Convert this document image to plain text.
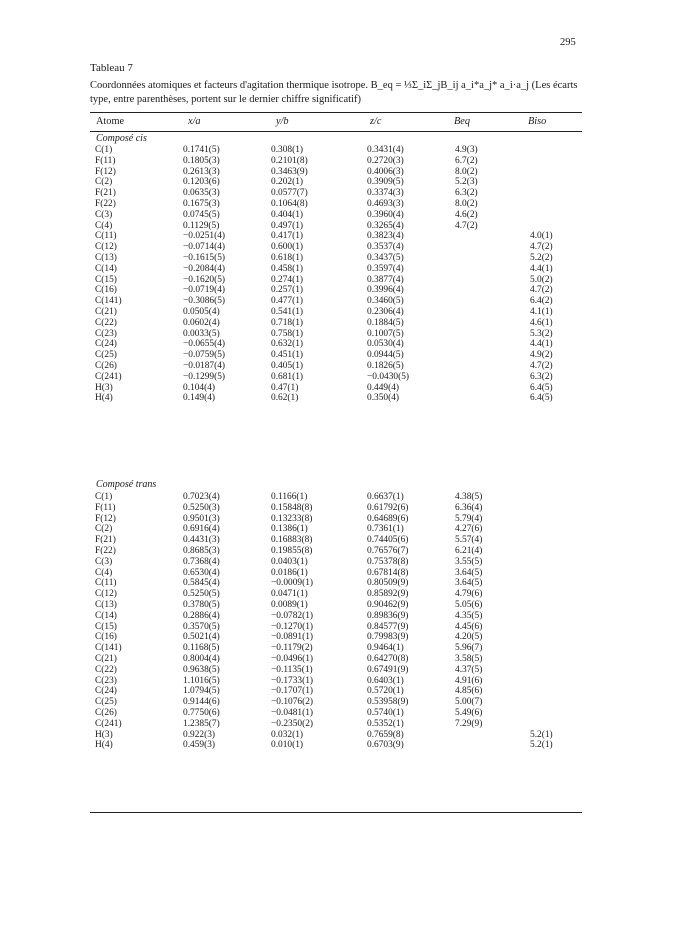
295
Tableau 7
Coordonnées atomiques et facteurs d'agitation thermique isotrope. B_eq = ⅓Σ_iΣ_jB_ij a_i*a_j* a_i·a_j (Les écarts type, entre parenthèses, portent sur le dernier chiffre significatif)
Atome	x/a	y/b	z/c	Beq	Biso
Composé cis
C(1)	0.1741(5)	0.308(1)	0.3431(4)	4.9(3)	
F(11)	0.1805(3)	0.2101(8)	0.2720(3)	6.7(2)	
F(12)	0.2613(3)	0.3463(9)	0.4006(3)	8.0(2)	
C(2)	0.1203(6)	0.202(1)	0.3909(5)	5.2(3)	
F(21)	0.0635(3)	0.0577(7)	0.3374(3)	6.3(2)	
F(22)	0.1675(3)	0.1064(8)	0.4693(3)	8.0(2)	
C(3)	0.0745(5)	0.404(1)	0.3960(4)	4.6(2)	
C(4)	0.1129(5)	0.497(1)	0.3265(4)	4.7(2)	
C(11)	−0.0251(4)	0.417(1)	0.3823(4)		4.0(1)
C(12)	−0.0714(4)	0.600(1)	0.3537(4)		4.7(2)
C(13)	−0.1615(5)	0.618(1)	0.3437(5)		5.2(2)
C(14)	−0.2084(4)	0.458(1)	0.3597(4)		4.4(1)
C(15)	−0.1620(5)	0.274(1)	0.3877(4)		5.0(2)
C(16)	−0.0719(4)	0.257(1)	0.3996(4)		4.7(2)
C(141)	−0.3086(5)	0.477(1)	0.3460(5)		6.4(2)
C(21)	0.0505(4)	0.541(1)	0.2306(4)		4.1(1)
C(22)	0.0602(4)	0.718(1)	0.1884(5)		4.6(1)
C(23)	0.0033(5)	0.758(1)	0.1007(5)		5.3(2)
C(24)	−0.0655(4)	0.632(1)	0.0530(4)		4.4(1)
C(25)	−0.0759(5)	0.451(1)	0.0944(5)		4.9(2)
C(26)	−0.0187(4)	0.405(1)	0.1826(5)		4.7(2)
C(241)	−0.1299(5)	0.681(1)	−0.0430(5)		6.3(2)
H(3)	0.104(4)	0.47(1)	0.449(4)		6.4(5)
H(4)	0.149(4)	0.62(1)	0.350(4)		6.4(5)
Composé trans
C(1)	0.7023(4)	0.1166(1)	0.6637(1)	4.38(5)	
F(11)	0.5250(3)	0.15848(8)	0.61792(6)	6.36(4)	
F(12)	0.9501(3)	0.13233(8)	0.64689(6)	5.79(4)	
C(2)	0.6916(4)	0.1386(1)	0.7361(1)	4.27(6)	
F(21)	0.4431(3)	0.16883(8)	0.74405(6)	5.57(4)	
F(22)	0.8685(3)	0.19855(8)	0.76576(7)	6.21(4)	
C(3)	0.7368(4)	0.0403(1)	0.75378(8)	3.55(5)	
C(4)	0.6530(4)	0.0186(1)	0.67814(8)	3.64(5)	
C(11)	0.5845(4)	−0.0009(1)	0.80509(9)	3.64(5)	
C(12)	0.5250(5)	0.0471(1)	0.85892(9)	4.79(6)	
C(13)	0.3780(5)	0.0089(1)	0.90462(9)	5.05(6)	
C(14)	0.2886(4)	−0.0782(1)	0.89836(9)	4.35(5)	
C(15)	0.3570(5)	−0.1270(1)	0.84577(9)	4.45(6)	
C(16)	0.5021(4)	−0.0891(1)	0.79983(9)	4.20(5)	
C(141)	0.1168(5)	−0.1179(2)	0.9464(1)	5.96(7)	
C(21)	0.8004(4)	−0.0496(1)	0.64270(8)	3.58(5)	
C(22)	0.9638(5)	−0.1135(1)	0.67491(9)	4.37(5)	
C(23)	1.1016(5)	−0.1733(1)	0.6403(1)	4.91(6)	
C(24)	1.0794(5)	−0.1707(1)	0.5720(1)	4.85(6)	
C(25)	0.9144(6)	−0.1076(2)	0.53958(9)	5.00(7)	
C(26)	0.7750(6)	−0.0481(1)	0.5740(1)	5.49(6)	
C(241)	1.2385(7)	−0.2350(2)	0.5352(1)	7.29(9)	
H(3)	0.922(3)	0.032(1)	0.7659(8)		5.2(1)
H(4)	0.459(3)	0.010(1)	0.6703(9)		5.2(1)
